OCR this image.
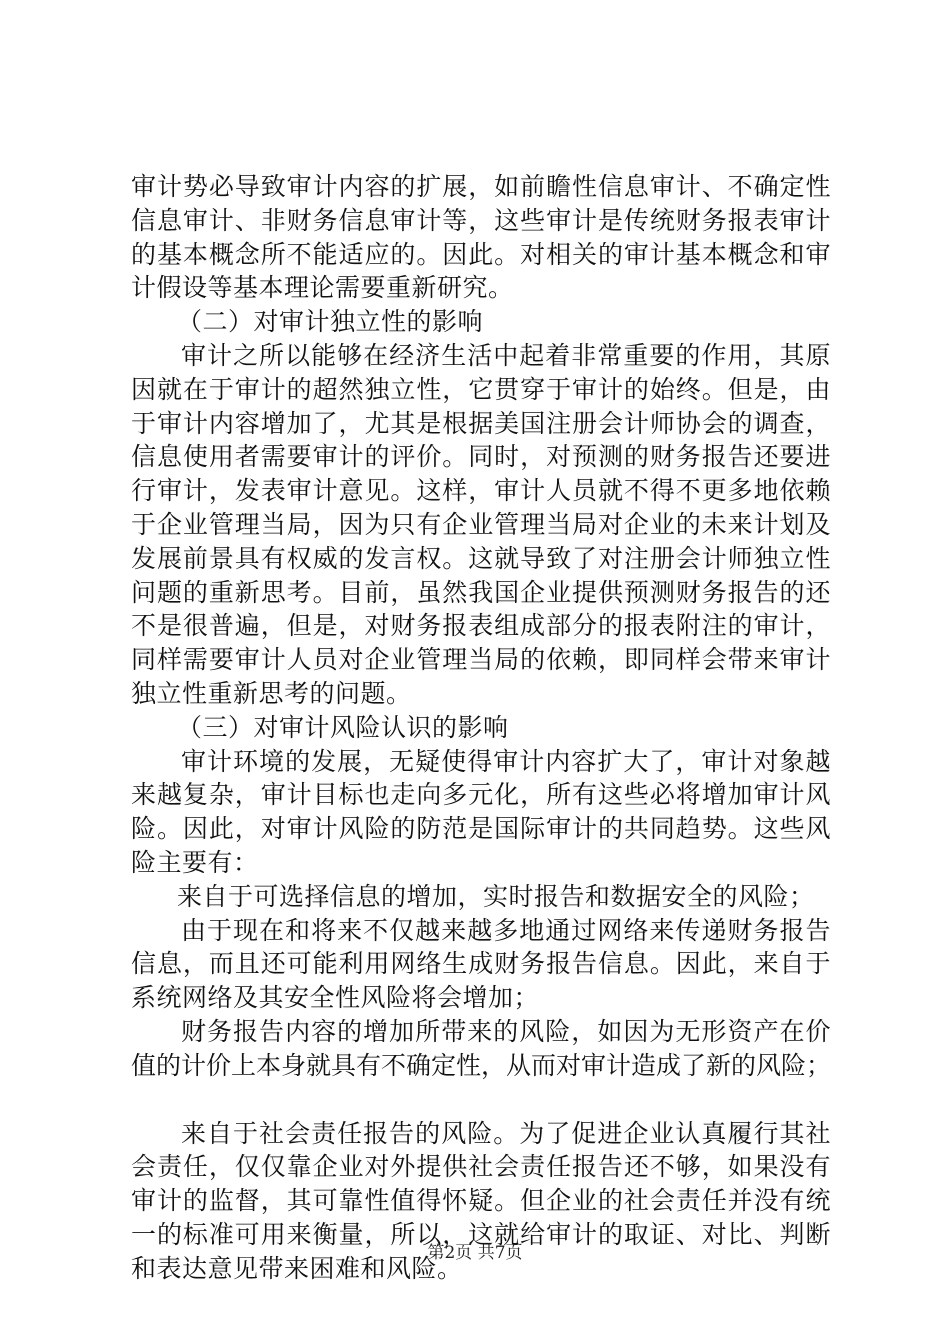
审计势必导致审计内容的扩展，如前瞻性信息审计、不确定性
信息审计、非财务信息审计等，这些审计是传统财务报表审计
的基本概念所不能适应的。因此。对相关的审计基本概念和审
计假设等基本理论需要重新研究。
（二）对审计独立性的影响
审计之所以能够在经济生活中起着非常重要的作用，其原
因就在于审计的超然独立性，它贯穿于审计的始终。但是，由
于审计内容增加了，尤其是根据美国注册会计师协会的调查，
信息使用者需要审计的评价。同时，对预测的财务报告还要进
行审计，发表审计意见。这样，审计人员就不得不更多地依赖
于企业管理当局，因为只有企业管理当局对企业的未来计划及
发展前景具有权威的发言权。这就导致了对注册会计师独立性
问题的重新思考。目前，虽然我国企业提供预测财务报告的还
不是很普遍，但是，对财务报表组成部分的报表附注的审计，
同样需要审计人员对企业管理当局的依赖，即同样会带来审计
独立性重新思考的问题。
（三）对审计风险认识的影响
审计环境的发展，无疑使得审计内容扩大了，审计对象越
来越复杂，审计目标也走向多元化，所有这些必将增加审计风
险。因此，对审计风险的防范是国际审计的共同趋势。这些风
险主要有：
来自于可选择信息的增加，实时报告和数据安全的风险；
由于现在和将来不仅越来越多地通过网络来传递财务报告
信息，而且还可能利用网络生成财务报告信息。因此，来自于
系统网络及其安全性风险将会增加；
财务报告内容的增加所带来的风险，如因为无形资产在价
值的计价上本身就具有不确定性，从而对审计造成了新的风险；
来自于社会责任报告的风险。为了促进企业认真履行其社
会责任，仅仅靠企业对外提供社会责任报告还不够，如果没有
审计的监督，其可靠性值得怀疑。但企业的社会责任并没有统
一的标准可用来衡量，所以，这就给审计的取证、对比、判断
和表达意见带来困难和风险。
第2页 共7页
